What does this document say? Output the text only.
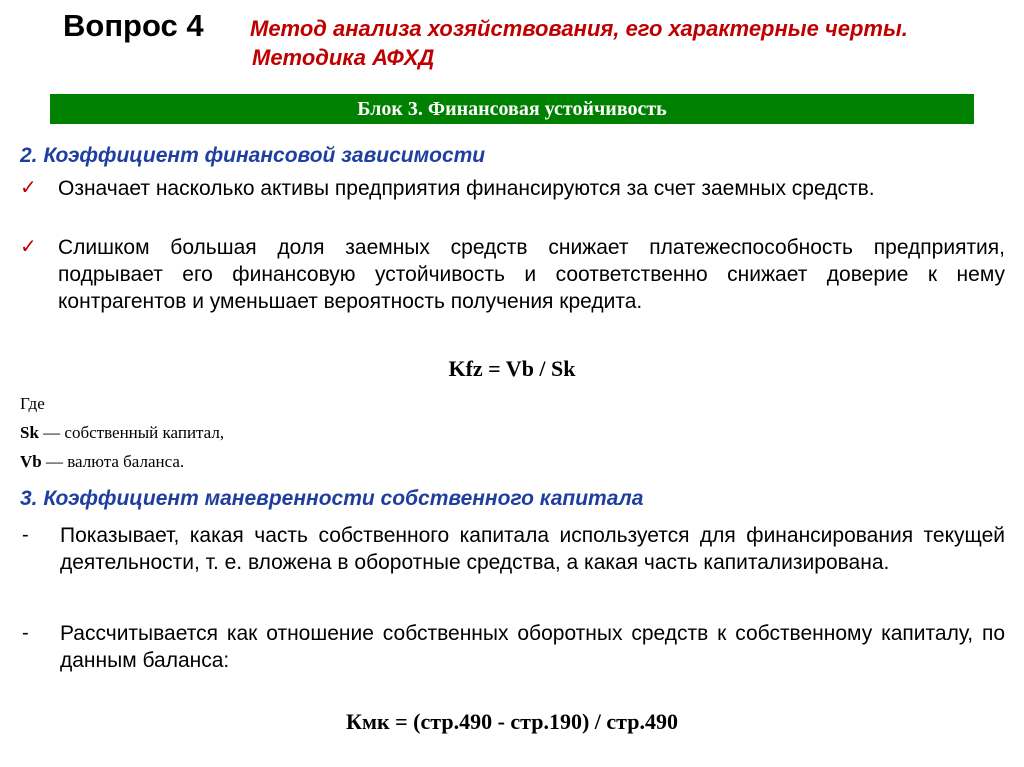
Вопрос 4 Метод анализа хозяйствования, его характерные черты.
Методика АФХД
Блок 3. Финансовая устойчивость
2. Коэффициент финансовой зависимости
✓	Означает насколько активы предприятия финансируются за счет заемных средств.
✓	Слишком большая доля заемных средств снижает платежеспособность предприятия, подрывает его финансовую устойчивость и соответственно снижает доверие к нему контрагентов и уменьшает вероятность получения кредита.
Kfz = Vb / Sk
Где
Sk — собственный капитал,
Vb — валюта баланса.
3. Коэффициент маневренности собственного капитала
-	Показывает, какая часть собственного капитала используется для финансирования текущей деятельности, т. е. вложена в оборотные средства, а какая часть капитализирована.
-	Рассчитывается как отношение собственных оборотных средств к собственному капиталу, по данным баланса:
Кмк = (стр.490 - стр.190) / стр.490
